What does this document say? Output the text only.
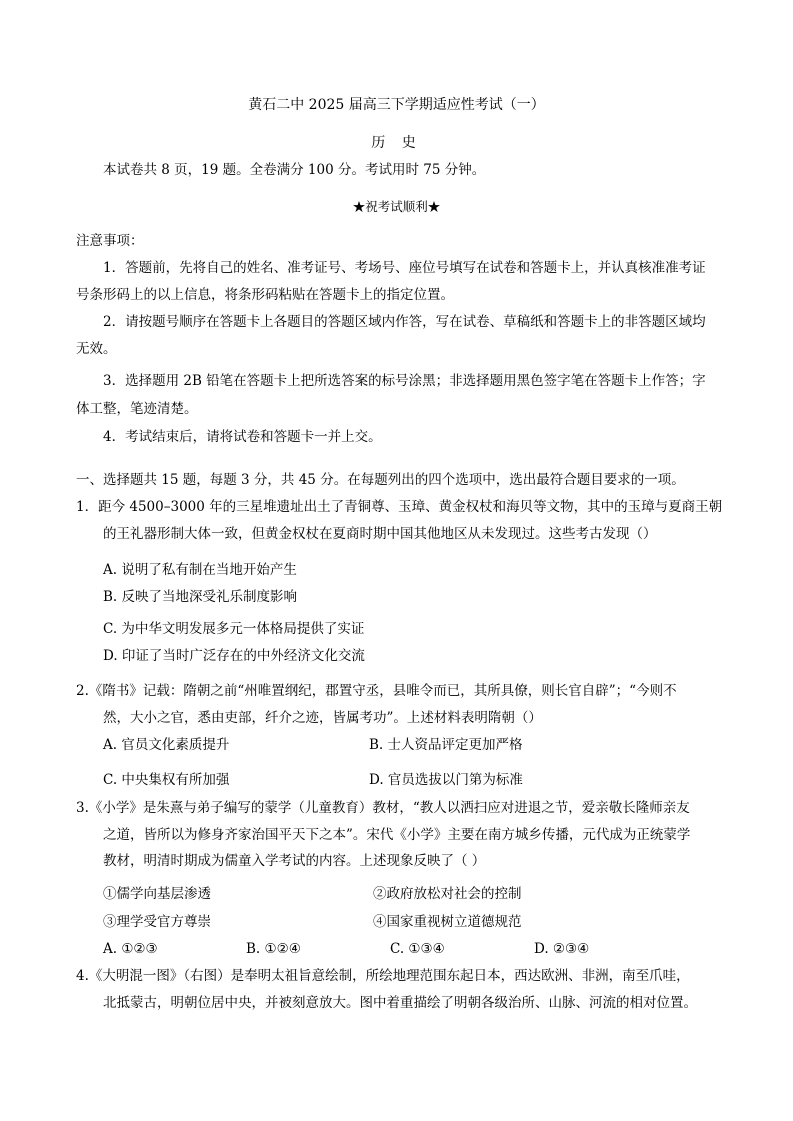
黄石二中 2025 届高三下学期适应性考试（一）
历 史
本试卷共 8 页，19 题。全卷满分 100 分。考试用时 75 分钟。
★祝考试顺利★
注意事项：
1．答题前，先将自己的姓名、准考证号、考场号、座位号填写在试卷和答题卡上，并认真核准准考证
号条形码上的以上信息，将条形码粘贴在答题卡上的指定位置。
2．请按题号顺序在答题卡上各题目的答题区域内作答，写在试卷、草稿纸和答题卡上的非答题区域均
无效。
3．选择题用 2B 铅笔在答题卡上把所选答案的标号涂黑；非选择题用黑色签字笔在答题卡上作答；字
体工整，笔迹清楚。
4．考试结束后，请将试卷和答题卡一并上交。
一、选择题共 15 题，每题 3 分，共 45 分。在每题列出的四个选项中，选出最符合题目要求的一项。
1．距今 4500–3000 年的三星堆遗址出土了青铜尊、玉璋、黄金权杖和海贝等文物，其中的玉璋与夏商王朝
的王礼器形制大体一致，但黄金权杖在夏商时期中国其他地区从未发现过。这些考古发现（）
A. 说明了私有制在当地开始产生
B. 反映了当地深受礼乐制度影响
C. 为中华文明发展多元一体格局提供了实证
D. 印证了当时广泛存在的中外经济文化交流
2.《隋书》记载：隋朝之前“州唯置纲纪，郡置守丞，县唯令而已，其所具僚，则长官自辟”；“今则不
然，大小之官，悉由吏部，纤介之迹，皆属考功”。上述材料表明隋朝（）
A. 官员文化素质提升	B. 士人资品评定更加严格
C. 中央集权有所加强	D. 官员选拔以门第为标准
3.《小学》是朱熹与弟子编写的蒙学（儿童教育）教材，“教人以洒扫应对进退之节，爱亲敬长隆师亲友
之道，皆所以为修身齐家治国平天下之本”。宋代《小学》主要在南方城乡传播，元代成为正统蒙学
教材，明清时期成为儒童入学考试的内容。上述现象反映了（ ）
①儒学向基层渗透	②政府放松对社会的控制
③理学受官方尊崇	④国家重视树立道德规范
A. ①②③	B. ①②④	C. ①③④	D. ②③④
4.《大明混一图》（右图）是奉明太祖旨意绘制，所绘地理范围东起日本，西达欧洲、非洲，南至爪哇，
北抵蒙古，明朝位居中央，并被刻意放大。图中着重描绘了明朝各级治所、山脉、河流的相对位置。
